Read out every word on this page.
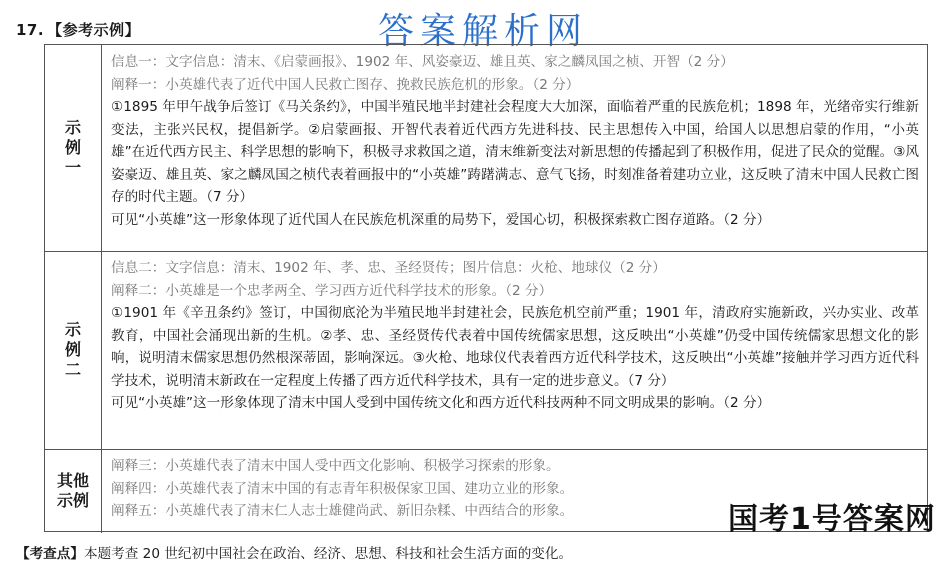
17. 【参考示例】	答案解析网
示例一
信息一：文字信息：清末、《启蒙画报》、1902 年、风姿豪迈、雄且英、家之麟凤国之桢、开智（2 分）
阐释一：小英雄代表了近代中国人民救亡图存、挽救民族危机的形象。（2 分）
①1895 年甲午战争后签订《马关条约》，中国半殖民地半封建社会程度大大加深，面临着严重的民族危机；1898 年，光绪帝实行维新变法，主张兴民权，提倡新学。②启蒙画报、开智代表着近代西方先进科技、民主思想传入中国，给国人以思想启蒙的作用，“小英雄”在近代西方民主、科学思想的影响下，积极寻求救国之道，清末维新变法对新思想的传播起到了积极作用，促进了民众的觉醒。③风姿豪迈、雄且英、家之麟凤国之桢代表着画报中的“小英雄”踌躇满志、意气飞扬，时刻准备着建功立业，这反映了清末中国人民救亡图存的时代主题。（7 分）
可见“小英雄”这一形象体现了近代国人在民族危机深重的局势下，爱国心切，积极探索救亡图存道路。（2 分）
示例二
信息二：文字信息：清末、1902 年、孝、忠、圣经贤传；图片信息：火枪、地球仪（2 分）
阐释二：小英雄是一个忠孝两全、学习西方近代科学技术的形象。（2 分）
①1901 年《辛丑条约》签订，中国彻底沦为半殖民地半封建社会，民族危机空前严重；1901 年，清政府实施新政，兴办实业、改革教育，中国社会涌现出新的生机。②孝、忠、圣经贤传代表着中国传统儒家思想，这反映出“小英雄”仍受中国传统儒家思想文化的影响，说明清末儒家思想仍然根深蒂固，影响深远。③火枪、地球仪代表着西方近代科学技术，这反映出“小英雄”接触并学习西方近代科学技术，说明清末新政在一定程度上传播了西方近代科学技术，具有一定的进步意义。（7 分）
可见“小英雄”这一形象体现了清末中国人受到中国传统文化和西方近代科技两种不同文明成果的影响。（2 分）
其他示例
阐释三：小英雄代表了清末中国人受中西文化影响、积极学习探索的形象。
阐释四：小英雄代表了清末中国的有志青年积极保家卫国、建功立业的形象。
阐释五：小英雄代表了清末仁人志士雄健尚武、新旧杂糅、中西结合的形象。	国考1号答案网
【考查点】本题考查 20 世纪初中国社会在政治、经济、思想、科技和社会生活方面的变化。
